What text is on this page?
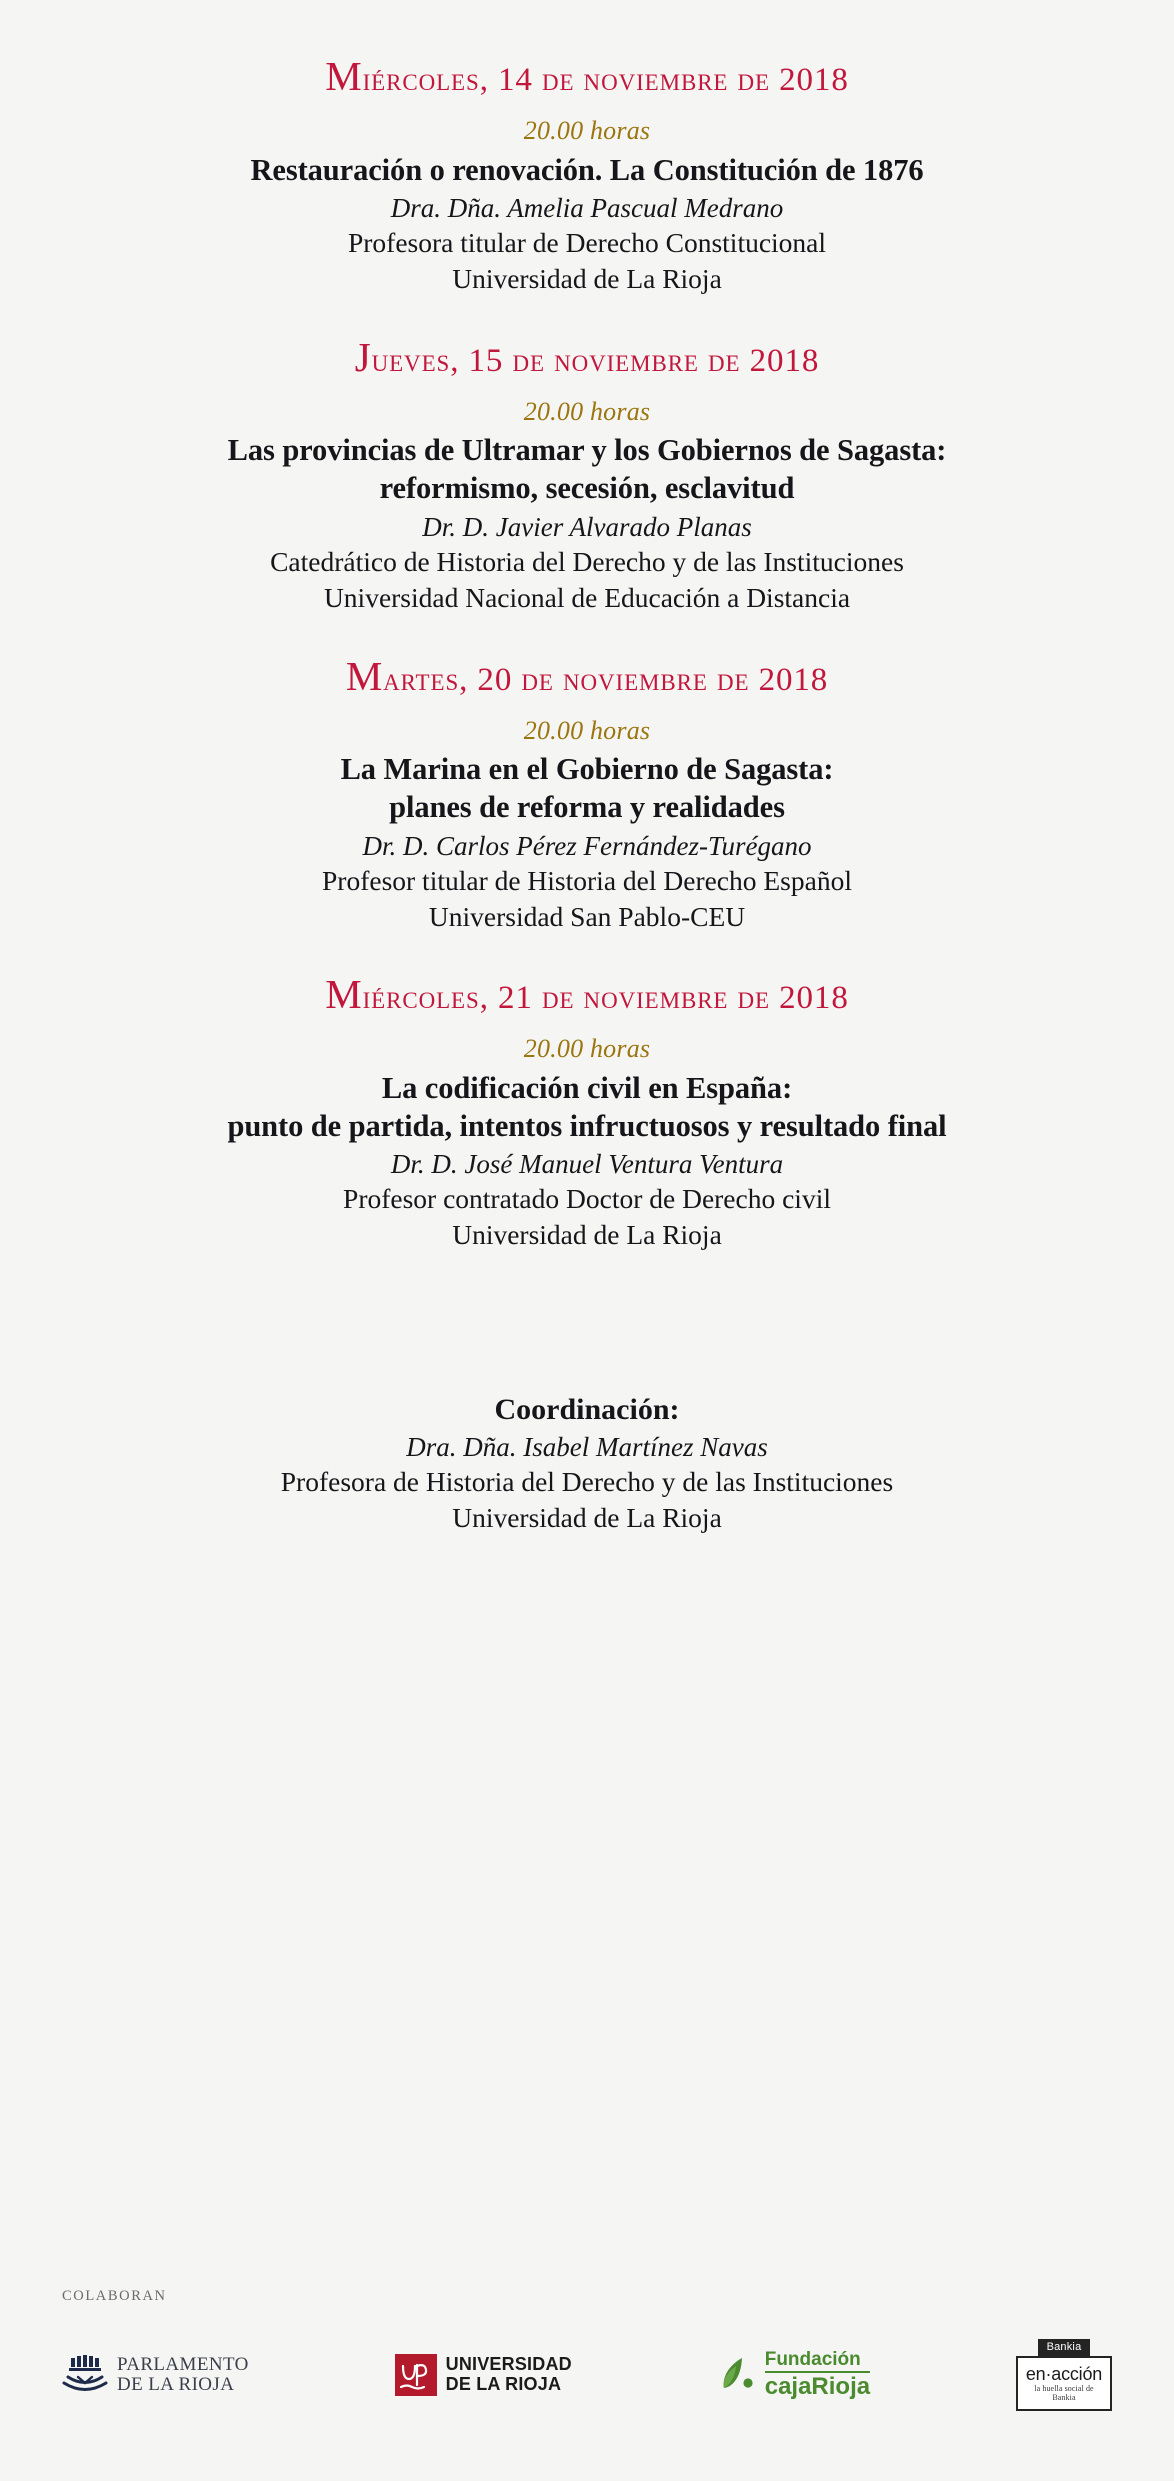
Miércoles, 14 de noviembre de 2018

20.00 horas

Restauración o renovación. La Constitución de 1876

Dra. Dña. Amelia Pascual Medrano

Profesora titular de Derecho Constitucional

Universidad de La Rioja

Jueves, 15 de noviembre de 2018

20.00 horas

Las provincias de Ultramar y los Gobiernos de Sagasta:
reformismo, secesión, esclavitud

Dr. D. Javier Alvarado Planas

Catedrático de Historia del Derecho y de las Instituciones

Universidad Nacional de Educación a Distancia

Martes, 20 de noviembre de 2018

20.00 horas

La Marina en el Gobierno de Sagasta:
planes de reforma y realidades

Dr. D. Carlos Pérez Fernández-Turégano

Profesor titular de Historia del Derecho Español

Universidad San Pablo-CEU

Miércoles, 21 de noviembre de 2018

20.00 horas

La codificación civil en España:
punto de partida, intentos infructuosos y resultado final

Dr. D. José Manuel Ventura Ventura

Profesor contratado Doctor de Derecho civil

Universidad de La Rioja

Coordinación:

Dra. Dña. Isabel Martínez Navas

Profesora de Historia del Derecho y de las Instituciones

Universidad de La Rioja

COLABORAN
PARLAMENTO
DE LA RIOJA
UNIVERSIDAD
DE LA RIOJA
Fundación
cajaRioja
Bankia
en·acción
la huella social de Bankia
